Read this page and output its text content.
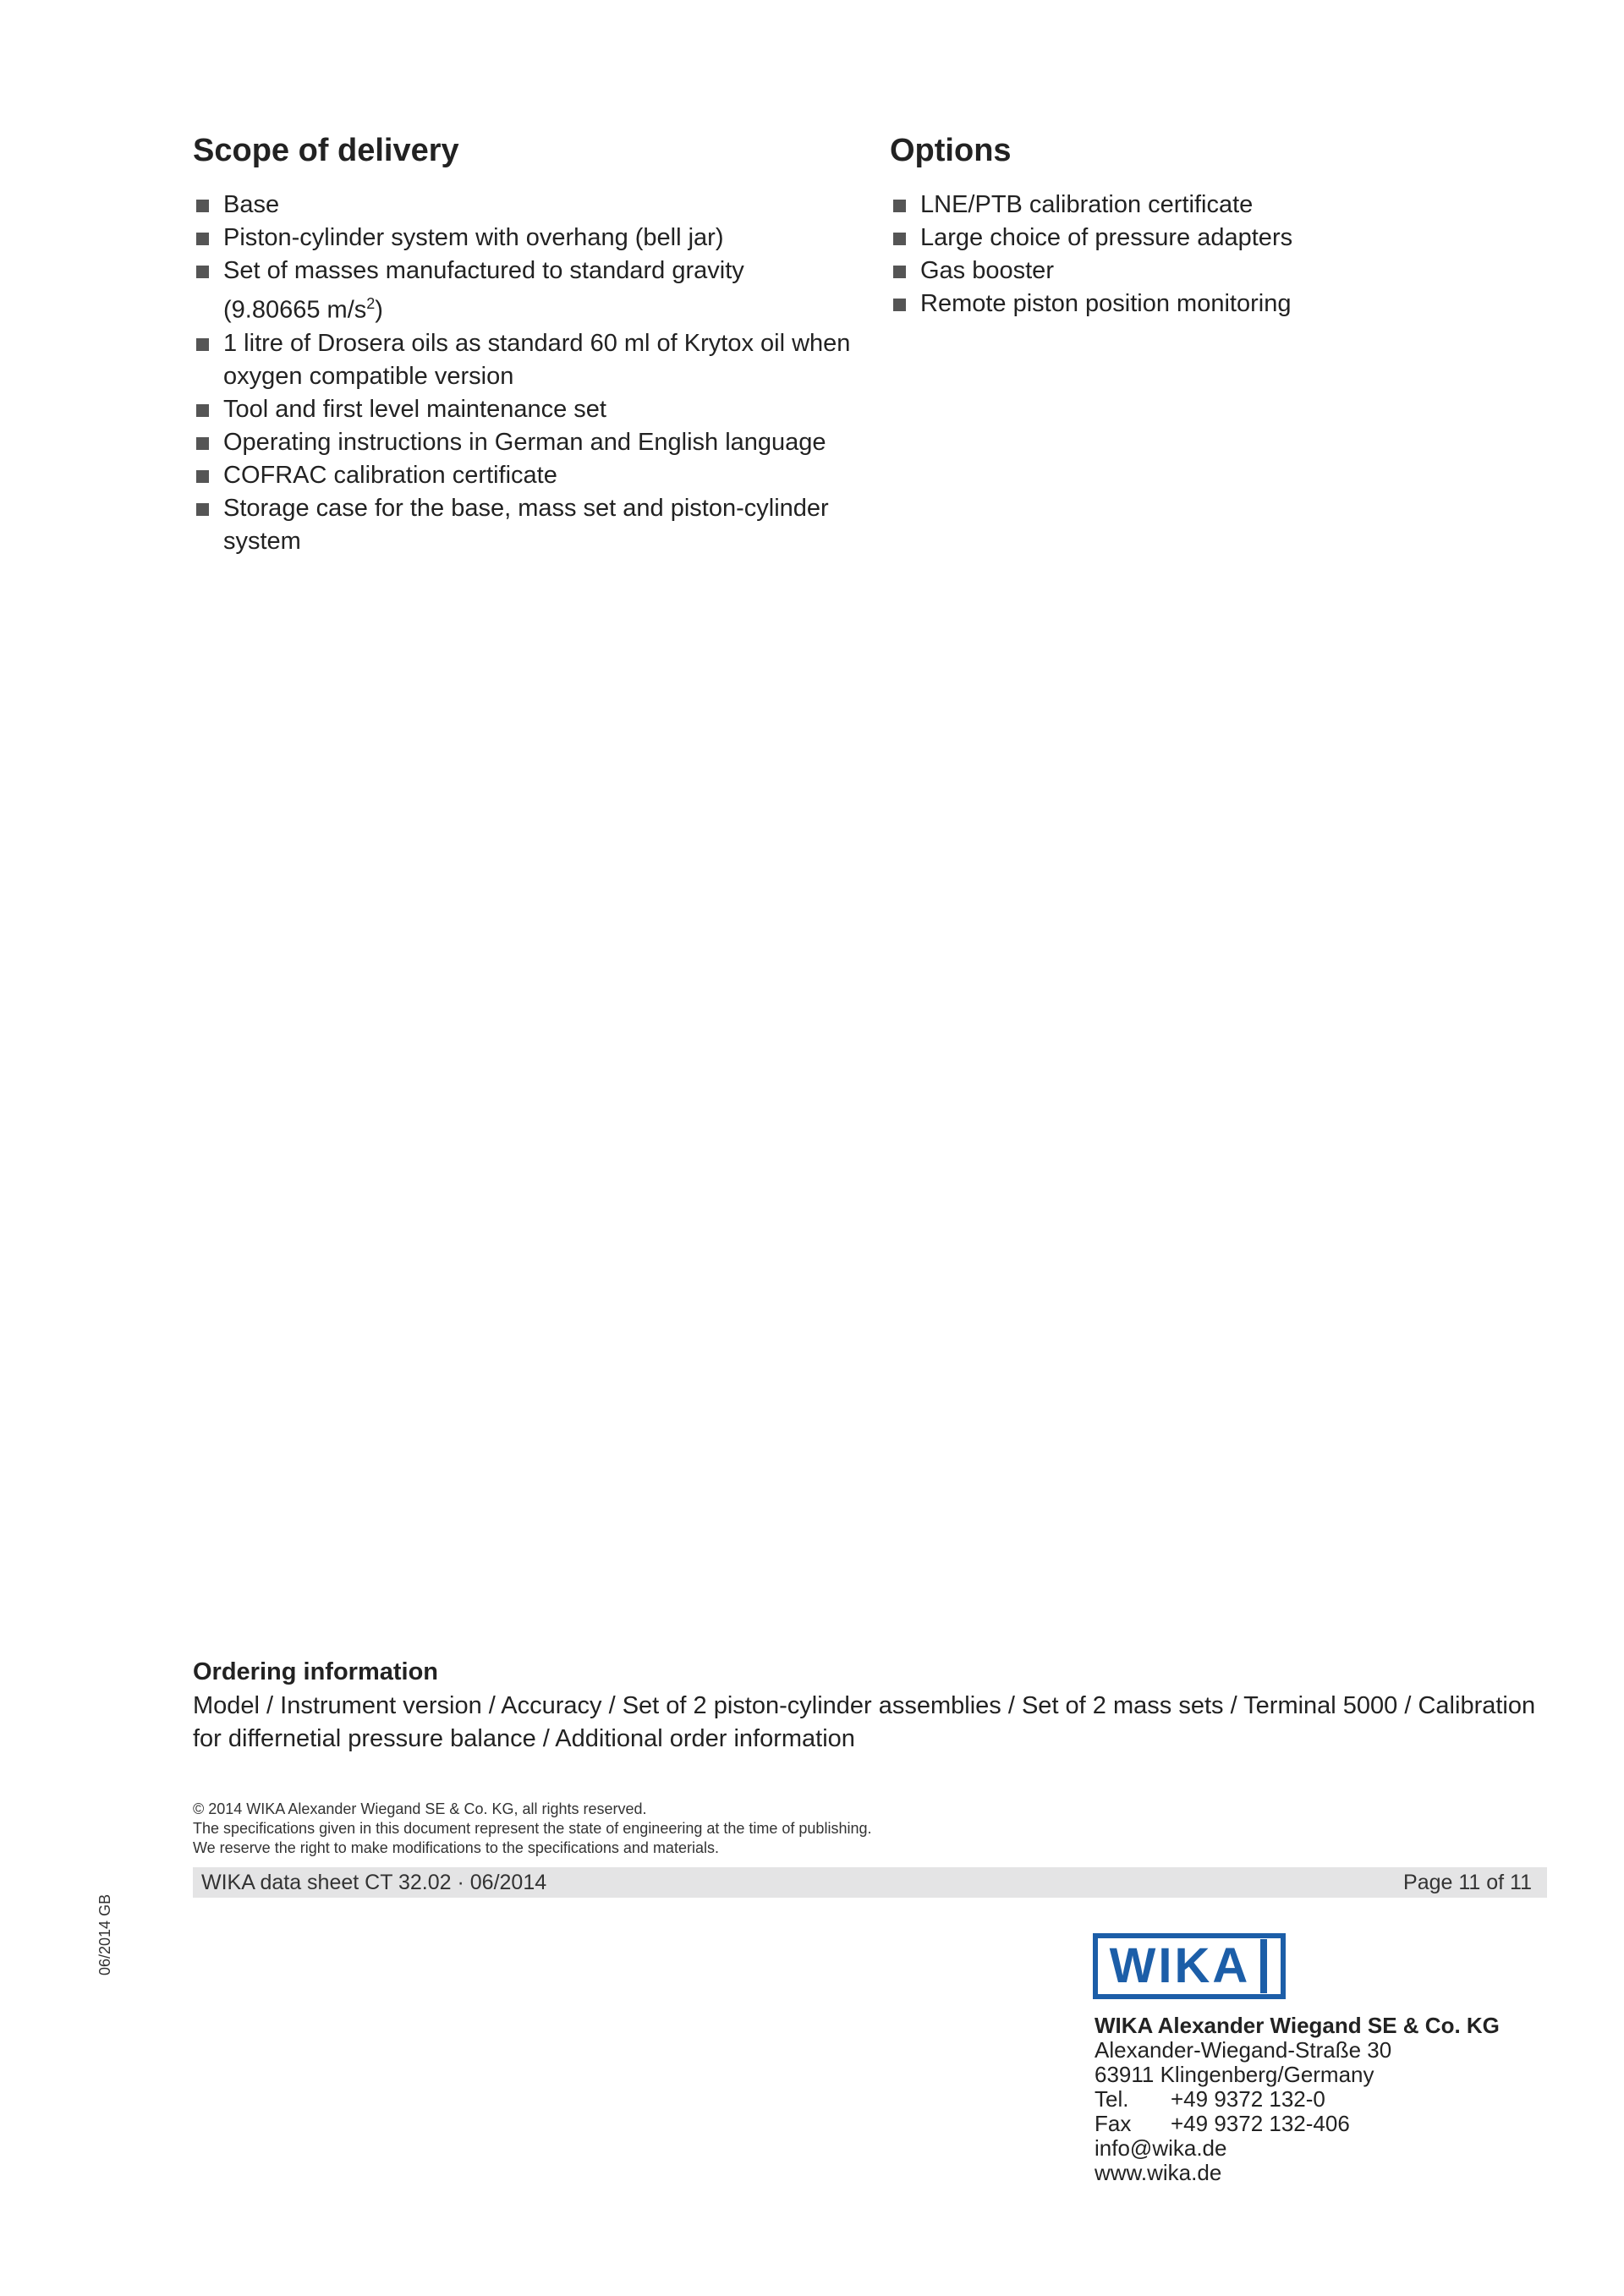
Scope of delivery
Base
Piston-cylinder system with overhang (bell jar)
Set of masses manufactured to standard gravity
(9.80665 $m/s^2$)
1 litre of Drosera oils as standard 60 ml of Krytox oil when oxygen compatible version
Tool and first level maintenance set
Operating instructions in German and English language
COFRAC calibration certificate
Storage case for the base, mass set and piston-cylinder system
Options
LNE/PTB calibration certificate
Large choice of pressure adapters
Gas booster
Remote piston position monitoring
Ordering information
Model / Instrument version / Accuracy / Set of 2 piston-cylinder assemblies / Set of 2 mass sets / Terminal 5000 / Calibration for differnetial pressure balance / Additional order information
© 2014 WIKA Alexander Wiegand SE & Co. KG, all rights reserved.
The specifications given in this document represent the state of engineering at the time of publishing.
We reserve the right to make modifications to the specifications and materials.
WIKA data sheet CT 32.02 · 06/2014	Page 11 of 11
06/2014 GB	WIKA
WIKA Alexander Wiegand SE & Co. KG
Alexander-Wiegand-Straße 30
63911 Klingenberg/Germany
Tel. +49 9372 132-0
Fax +49 9372 132-406
info@wika.de
www.wika.de
